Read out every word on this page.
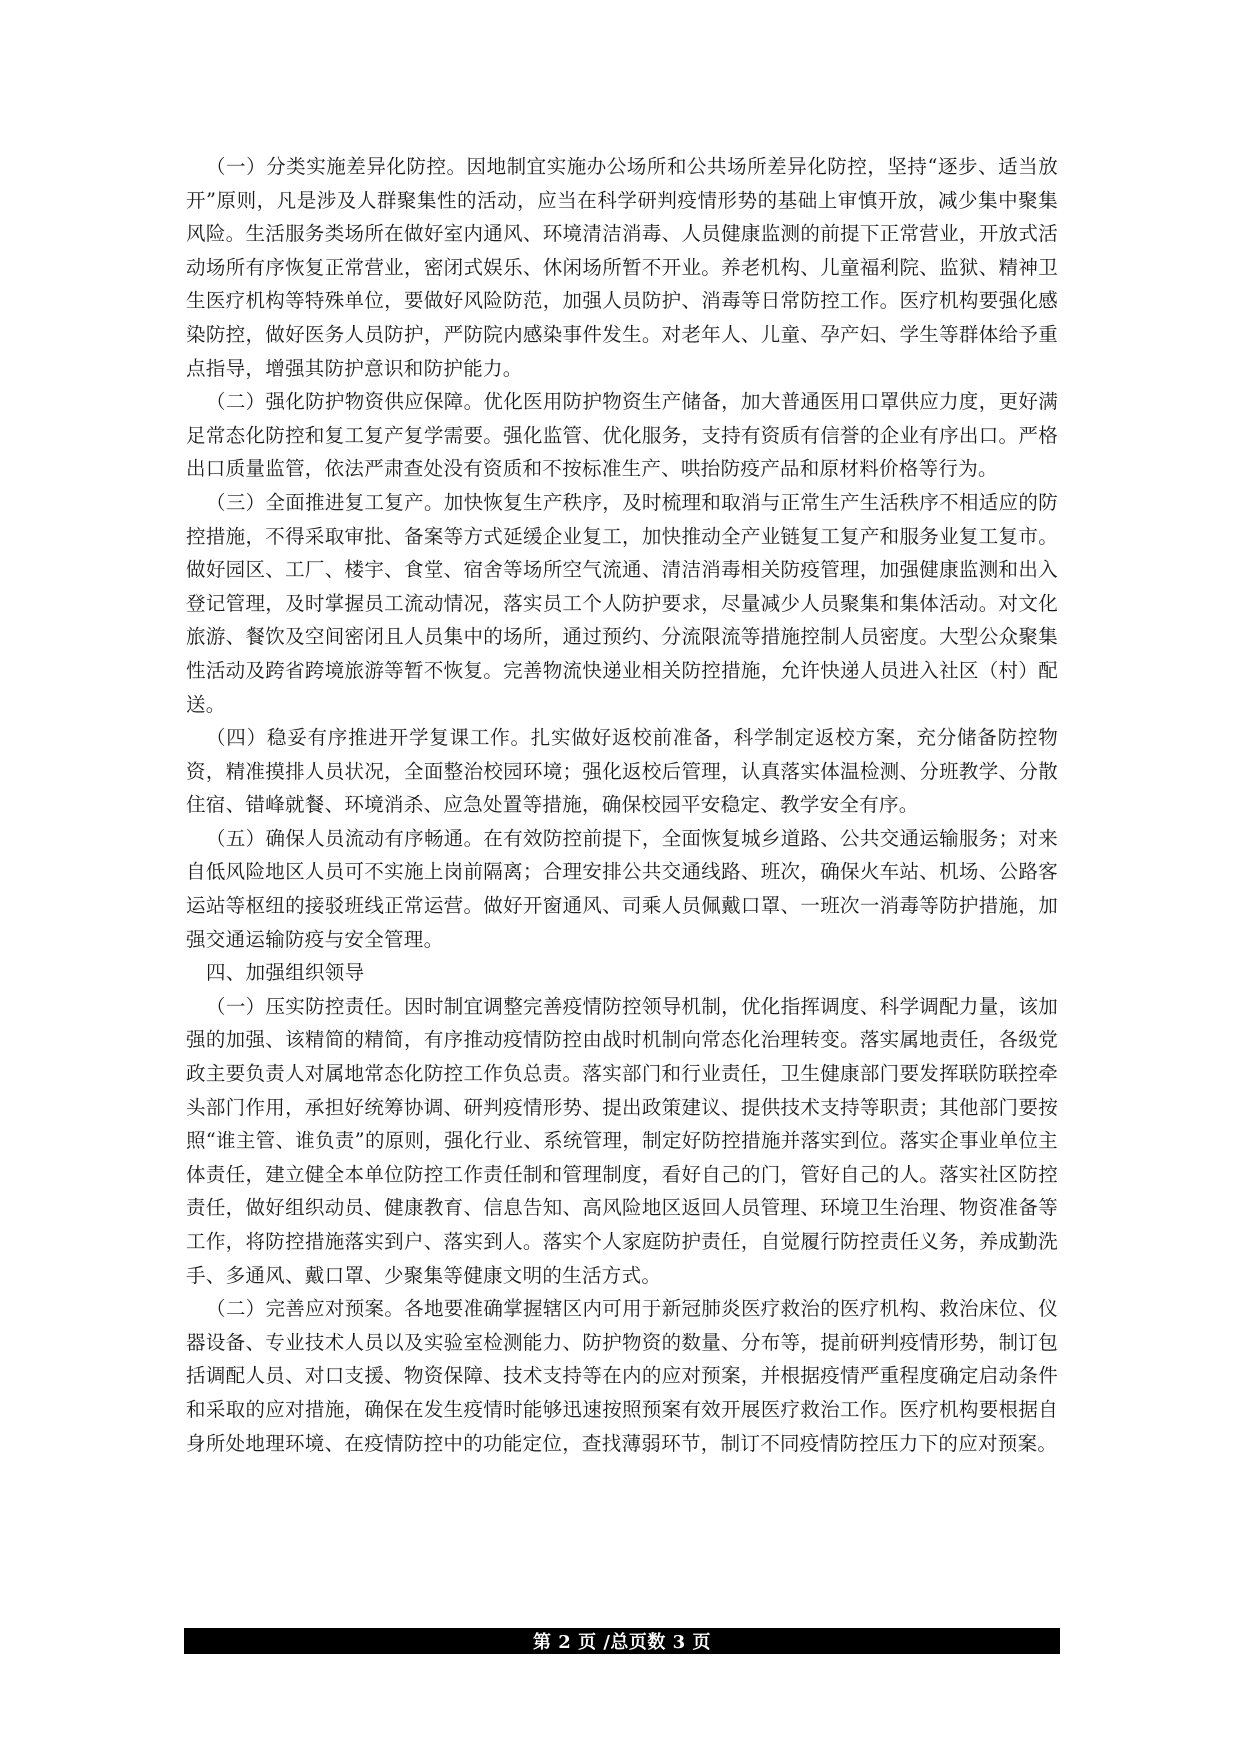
（一）分类实施差异化防控。因地制宜实施办公场所和公共场所差异化防控，坚持“逐步、适当放开”原则，凡是涉及人群聚集性的活动，应当在科学研判疫情形势的基础上审慎开放，减少集中聚集风险。生活服务类场所在做好室内通风、环境清洁消毒、人员健康监测的前提下正常营业，开放式活动场所有序恢复正常营业，密闭式娱乐、休闲场所暂不开业。养老机构、儿童福利院、监狱、精神卫生医疗机构等特殊单位，要做好风险防范，加强人员防护、消毒等日常防控工作。医疗机构要强化感染防控，做好医务人员防护，严防院内感染事件发生。对老年人、儿童、孕产妇、学生等群体给予重点指导，增强其防护意识和防护能力。

（二）强化防护物资供应保障。优化医用防护物资生产储备，加大普通医用口罩供应力度，更好满足常态化防控和复工复产复学需要。强化监管、优化服务，支持有资质有信誉的企业有序出口。严格出口质量监管，依法严肃查处没有资质和不按标准生产、哄抬防疫产品和原材料价格等行为。

（三）全面推进复工复产。加快恢复生产秩序，及时梳理和取消与正常生产生活秩序不相适应的防控措施，不得采取审批、备案等方式延缓企业复工，加快推动全产业链复工复产和服务业复工复市。做好园区、工厂、楼宇、食堂、宿舍等场所空气流通、清洁消毒相关防疫管理，加强健康监测和出入登记管理，及时掌握员工流动情况，落实员工个人防护要求，尽量减少人员聚集和集体活动。对文化旅游、餐饮及空间密闭且人员集中的场所，通过预约、分流限流等措施控制人员密度。大型公众聚集性活动及跨省跨境旅游等暂不恢复。完善物流快递业相关防控措施，允许快递人员进入社区（村）配送。

（四）稳妥有序推进开学复课工作。扎实做好返校前准备，科学制定返校方案，充分储备防控物资，精准摸排人员状况，全面整治校园环境；强化返校后管理，认真落实体温检测、分班教学、分散住宿、错峰就餐、环境消杀、应急处置等措施，确保校园平安稳定、教学安全有序。

（五）确保人员流动有序畅通。在有效防控前提下，全面恢复城乡道路、公共交通运输服务；对来自低风险地区人员可不实施上岗前隔离；合理安排公共交通线路、班次，确保火车站、机场、公路客运站等枢纽的接驳班线正常运营。做好开窗通风、司乘人员佩戴口罩、一班次一消毒等防护措施，加强交通运输防疫与安全管理。

四、加强组织领导

（一）压实防控责任。因时制宜调整完善疫情防控领导机制，优化指挥调度、科学调配力量，该加强的加强、该精简的精简，有序推动疫情防控由战时机制向常态化治理转变。落实属地责任，各级党政主要负责人对属地常态化防控工作负总责。落实部门和行业责任，卫生健康部门要发挥联防联控牵头部门作用，承担好统筹协调、研判疫情形势、提出政策建议、提供技术支持等职责；其他部门要按照“谁主管、谁负责”的原则，强化行业、系统管理，制定好防控措施并落实到位。落实企事业单位主体责任，建立健全本单位防控工作责任制和管理制度，看好自己的门，管好自己的人。落实社区防控责任，做好组织动员、健康教育、信息告知、高风险地区返回人员管理、环境卫生治理、物资准备等工作，将防控措施落实到户、落实到人。落实个人家庭防护责任，自觉履行防控责任义务，养成勤洗手、多通风、戴口罩、少聚集等健康文明的生活方式。

（二）完善应对预案。各地要准确掌握辖区内可用于新冠肺炎医疗救治的医疗机构、救治床位、仪器设备、专业技术人员以及实验室检测能力、防护物资的数量、分布等，提前研判疫情形势，制订包括调配人员、对口支援、物资保障、技术支持等在内的应对预案，并根据疫情严重程度确定启动条件和采取的应对措施，确保在发生疫情时能够迅速按照预案有效开展医疗救治工作。医疗机构要根据自身所处地理环境、在疫情防控中的功能定位，查找薄弱环节，制订不同疫情防控压力下的应对预案。

第 2 页 /总页数 3 页
